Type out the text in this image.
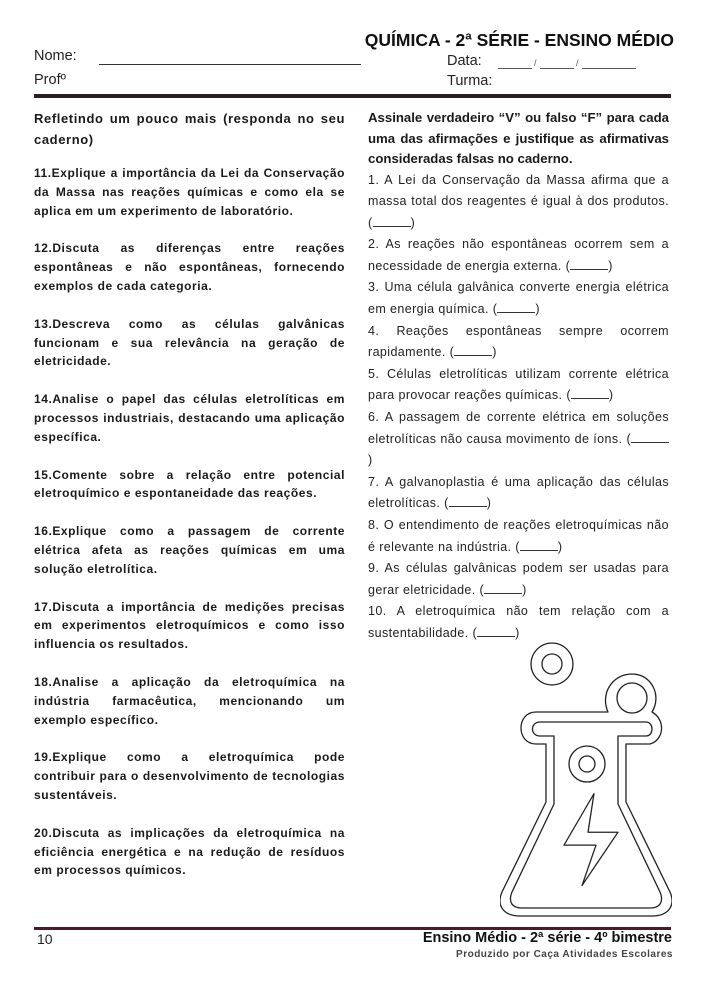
QUÍMICA - 2ª SÉRIE - ENSINO MÉDIO
Nome:
Profº
Data:	/	/
Turma:

Refletindo um pouco mais (responda no seu caderno)

11.Explique a importância da Lei da Conservação da Massa nas reações químicas e como ela se aplica em um experimento de laboratório.

12.Discuta as diferenças entre reações espontâneas e não espontâneas, fornecendo exemplos de cada categoria.

13.Descreva como as células galvânicas funcionam e sua relevância na geração de eletricidade.

14.Analise o papel das células eletrolíticas em processos industriais, destacando uma aplicação específica.

15.Comente sobre a relação entre potencial eletroquímico e espontaneidade das reações.

16.Explique como a passagem de corrente elétrica afeta as reações químicas em uma solução eletrolítica.

17.Discuta a importância de medições precisas em experimentos eletroquímicos e como isso influencia os resultados.

18.Analise a aplicação da eletroquímica na indústria farmacêutica, mencionando um exemplo específico.

19.Explique como a eletroquímica pode contribuir para o desenvolvimento de tecnologias sustentáveis.

20.Discuta as implicações da eletroquímica na eficiência energética e na redução de resíduos em processos químicos.

Assinale verdadeiro “V” ou falso “F” para cada uma das afirmações e justifique as afirmativas consideradas falsas no caderno.

1. A Lei da Conservação da Massa afirma que a massa total dos reagentes é igual à dos produtos. (	)

2. As reações não espontâneas ocorrem sem a necessidade de energia externa. (	)

3. Uma célula galvânica converte energia elétrica em energia química. (	)

4. Reações espontâneas sempre ocorrem rapidamente. (	)

5. Células eletrolíticas utilizam corrente elétrica para provocar reações químicas. (	)

6. A passagem de corrente elétrica em soluções eletrolíticas não causa movimento de íons. ()

7. A galvanoplastia é uma aplicação das células eletrolíticas. (	)

8. O entendimento de reações eletroquímicas não é relevante na indústria. (	)

9. As células galvânicas podem ser usadas para gerar eletricidade. (	)

10. A eletroquímica não tem relação com a sustentabilidade. (	)

10	Ensino Médio - 2ª série - 4º bimestre
Produzido por Caça Atividades Escolares
